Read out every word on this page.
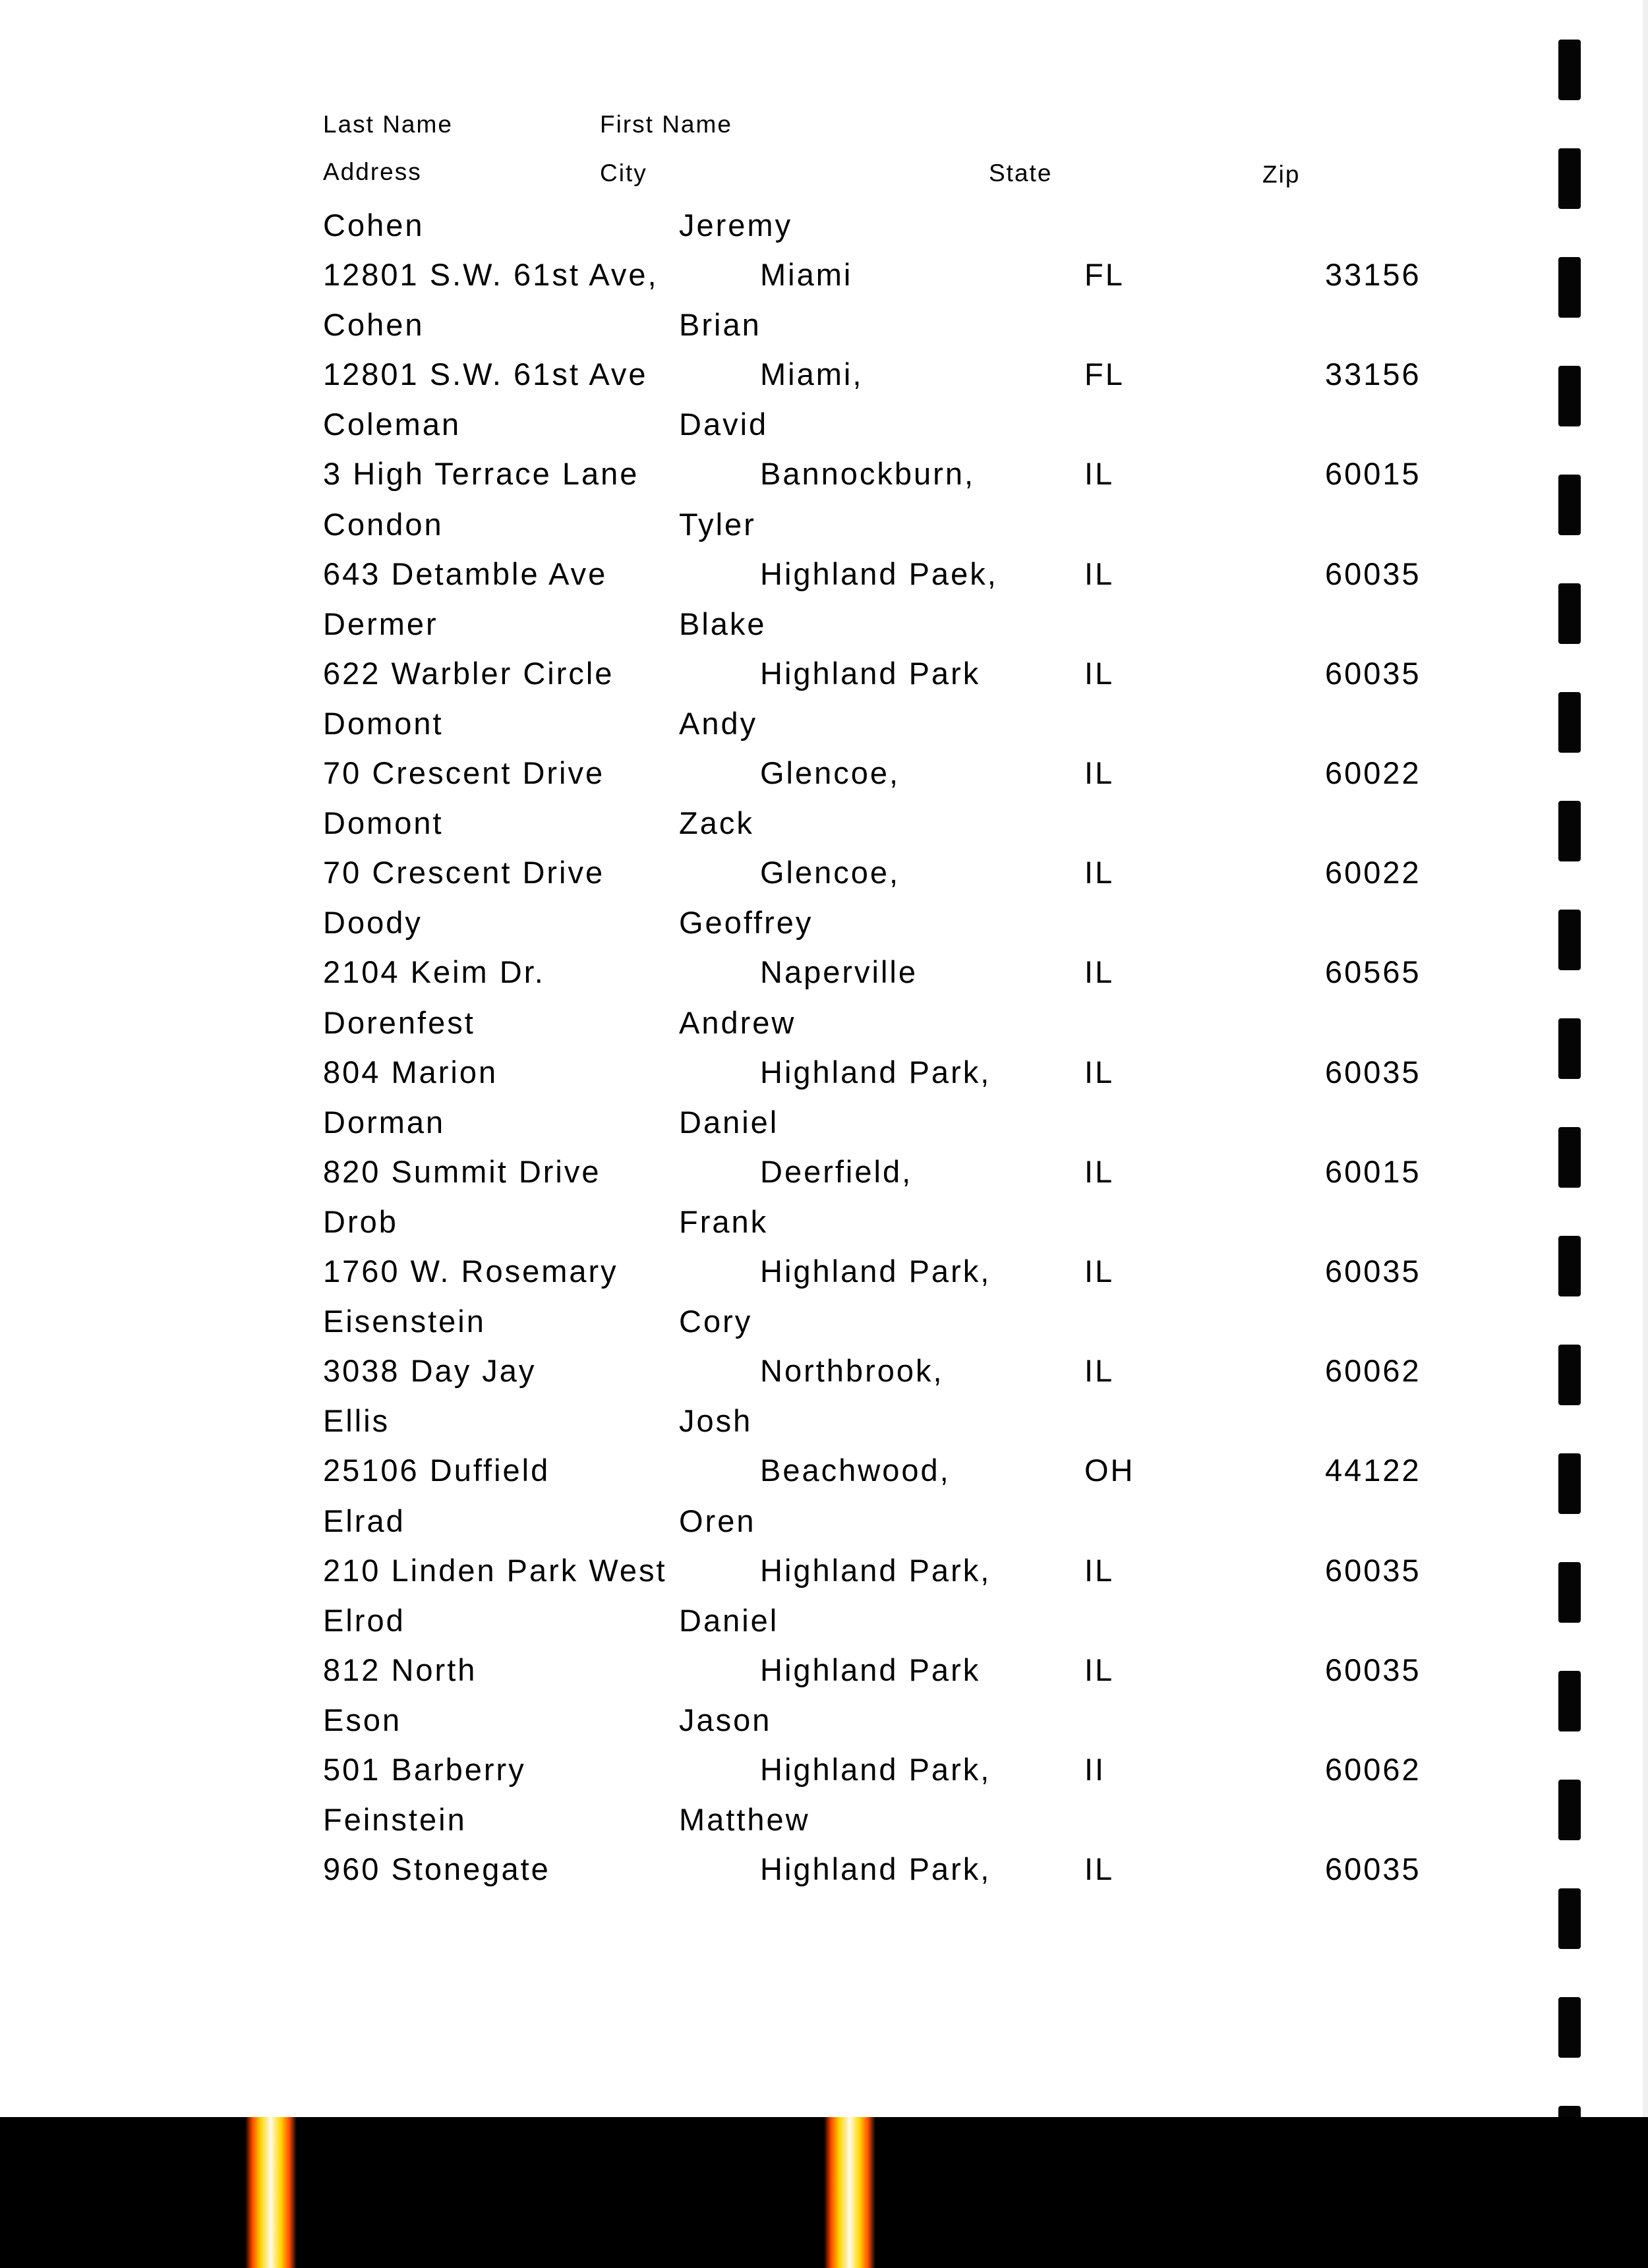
Last Name	First Name
Address	City	State	Zip
Cohen	Jeremy
12801 S.W. 61st Ave,	Miami	FL	33156
Cohen	Brian
12801 S.W. 61st Ave	Miami,	FL	33156
Coleman	David
3 High Terrace Lane	Bannockburn,	IL	60015
Condon	Tyler
643 Detamble Ave	Highland Paek,	IL	60035
Dermer	Blake
622 Warbler Circle	Highland Park	IL	60035
Domont	Andy
70 Crescent Drive	Glencoe,	IL	60022
Domont	Zack
70 Crescent Drive	Glencoe,	IL	60022
Doody	Geoffrey
2104 Keim Dr.	Naperville	IL	60565
Dorenfest	Andrew
804 Marion	Highland Park,	IL	60035
Dorman	Daniel
820 Summit Drive	Deerfield,	IL	60015
Drob	Frank
1760 W. Rosemary	Highland Park,	IL	60035
Eisenstein	Cory
3038 Day Jay	Northbrook,	IL	60062
Ellis	Josh
25106 Duffield	Beachwood,	OH	44122
Elrad	Oren
210 Linden Park West	Highland Park,	IL	60035
Elrod	Daniel
812 North	Highland Park	IL	60035
Eson	Jason
501 Barberry	Highland Park,	II	60062
Feinstein	Matthew
960 Stonegate	Highland Park,	IL	60035
